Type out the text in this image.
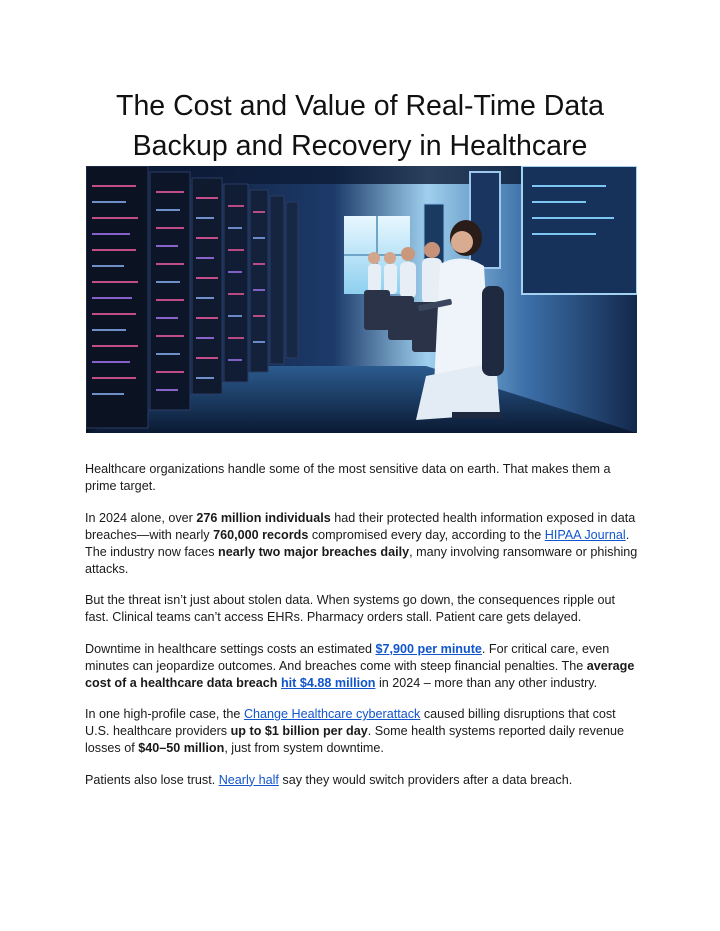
The Cost and Value of Real-Time Data
Backup and Recovery in Healthcare

Healthcare organizations handle some of the most sensitive data on earth. That makes them a prime target.

In 2024 alone, over 276 million individuals had their protected health information exposed in data breaches—with nearly 760,000 records compromised every day, according to the HIPAA Journal. The industry now faces nearly two major breaches daily, many involving ransomware or phishing attacks.

But the threat isn’t just about stolen data. When systems go down, the consequences ripple out fast. Clinical teams can’t access EHRs. Pharmacy orders stall. Patient care gets delayed.

Downtime in healthcare settings costs an estimated $7,900 per minute. For critical care, even minutes can jeopardize outcomes. And breaches come with steep financial penalties. The average cost of a healthcare data breach hit $4.88 million in 2024 – more than any other industry.

In one high-profile case, the Change Healthcare cyberattack caused billing disruptions that cost U.S. healthcare providers up to $1 billion per day. Some health systems reported daily revenue losses of $40–50 million, just from system downtime.

Patients also lose trust. Nearly half say they would switch providers after a data breach.
